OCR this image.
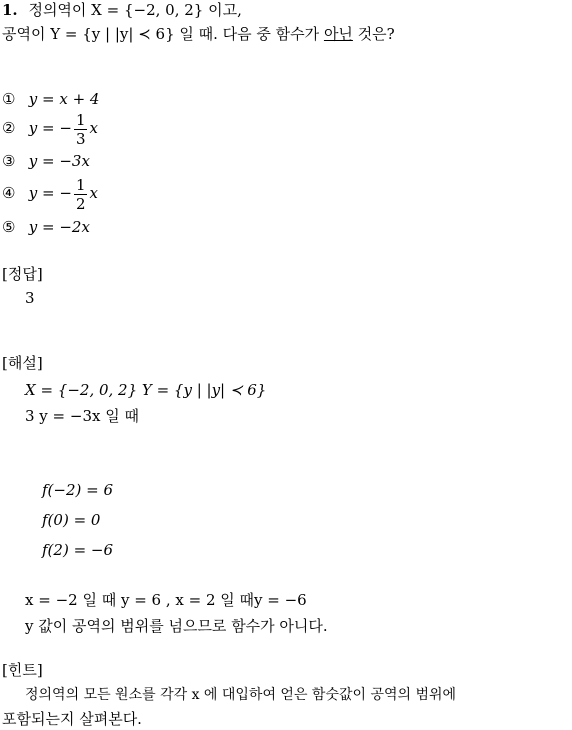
1. 정의역이 X = {−2, 0, 2} 이고,
공역이 Y = {y | |y| ≺ 6} 일 때. 다음 중 함수가 아닌 것은?
① y = x + 4
② y = − $\frac{1}{3}$ x
③ y = −3x
④ y = − $\frac{1}{2}$ x
⑤ y = −2x
[정답]
3
[해설]
X = {−2, 0, 2} Y = {y | |y| ≺ 6}
3 y = −3x 일 때
f(−2) = 6
f(0) = 0
f(2) = −6
x = −2 일 때 y = 6 , x = 2 일 때y = −6
y 값이 공역의 범위를 넘으므로 함수가 아니다.
[힌트]
정의역의 모든 원소를 각각 x 에 대입하여 얻은 함숫값이 공역의 범위에
포함되는지 살펴본다.
